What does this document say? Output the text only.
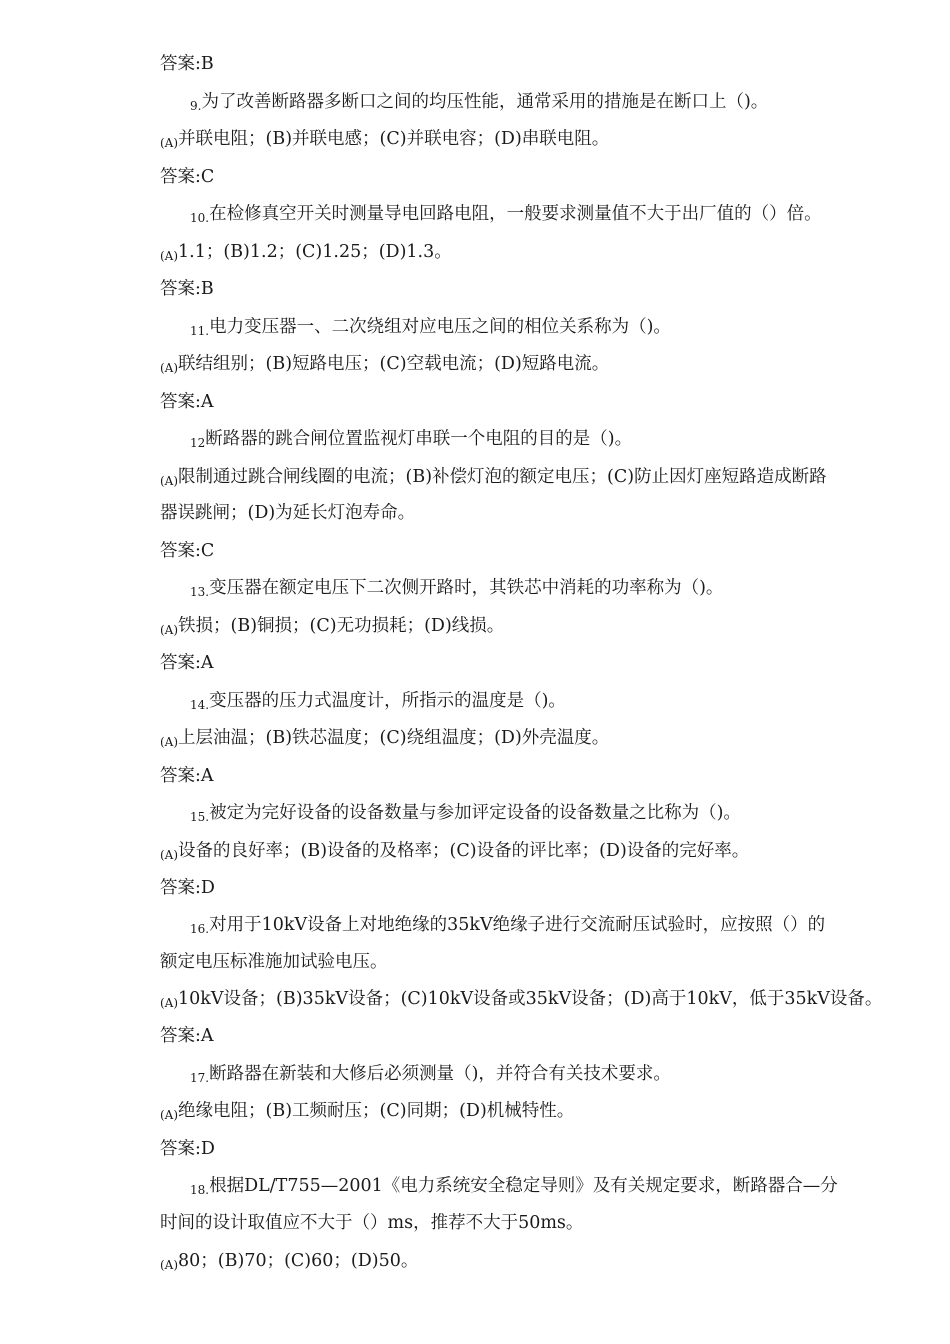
答案:B
9.为了改善断路器多断口之间的均压性能，通常采用的措施是在断口上（)。
(A)并联电阻；(B)并联电感；(C)并联电容；(D)串联电阻。
答案:C
10.在检修真空开关时测量导电回路电阻，一般要求测量值不大于出厂值的（）倍。
(A)1.1；(B)1.2；(C)1.25；(D)1.3。
答案:B
11.电力变压器一、二次绕组对应电压之间的相位关系称为（)。
(A)联结组别；(B)短路电压；(C)空载电流；(D)短路电流。
答案:A
12断路器的跳合闸位置监视灯串联一个电阻的目的是（)。
(A)限制通过跳合闸线圈的电流；(B)补偿灯泡的额定电压；(C)防止因灯座短路造成断路
器误跳闸；(D)为延长灯泡寿命。
答案:C
13.变压器在额定电压下二次侧开路时，其铁芯中消耗的功率称为（)。
(A)铁损；(B)铜损；(C)无功损耗；(D)线损。
答案:A
14.变压器的压力式温度计，所指示的温度是（)。
(A)上层油温；(B)铁芯温度；(C)绕组温度；(D)外壳温度。
答案:A
15.被定为完好设备的设备数量与参加评定设备的设备数量之比称为（)。
(A)设备的良好率；(B)设备的及格率；(C)设备的评比率；(D)设备的完好率。
答案:D
16.对用于10kV设备上对地绝缘的35kV绝缘子进行交流耐压试验时，应按照（）的
额定电压标准施加试验电压。
(A)10kV设备；(B)35kV设备；(C)10kV设备或35kV设备；(D)高于10kV，低于35kV设备。
答案:A
17.断路器在新装和大修后必须测量（)，并符合有关技术要求。
(A)绝缘电阻；(B)工频耐压；(C)同期；(D)机械特性。
答案:D
18.根据DL/T755—2001《电力系统安全稳定导则》及有关规定要求，断路器合—分
时间的设计取值应不大于（）ms，推荐不大于50ms。
(A)80；(B)70；(C)60；(D)50。
